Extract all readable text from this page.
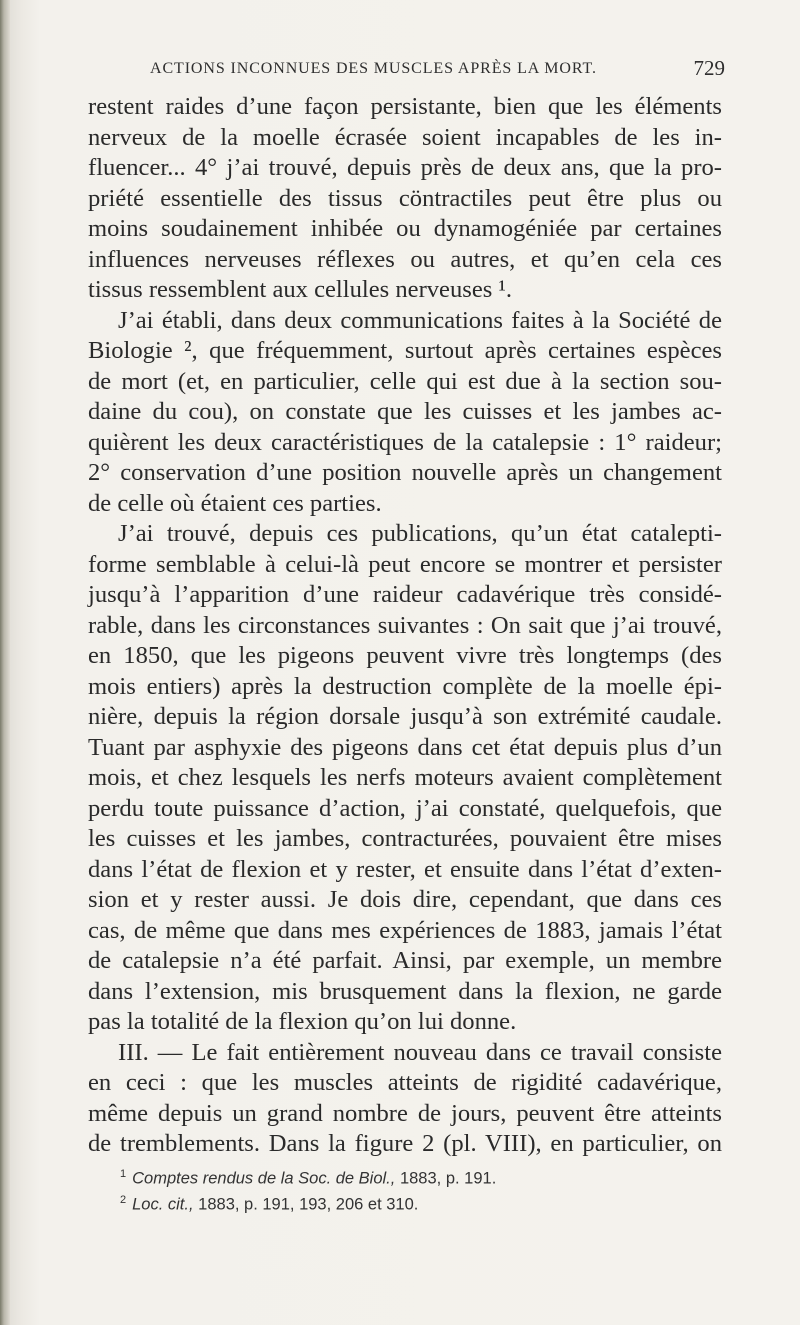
ACTIONS INCONNUES DES MUSCLES APRÈS LA MORT.	729
restent raides d’une façon persistante, bien que les éléments
nerveux de la moelle écrasée soient incapables de les in-
fluencer... 4° j’ai trouvé, depuis près de deux ans, que la pro-
priété essentielle des tissus cöntractiles peut être plus ou
moins soudainement inhibée ou dynamogéniée par certaines
influences nerveuses réflexes ou autres, et qu’en cela ces
tissus ressemblent aux cellules nerveuses ¹.
J’ai établi, dans deux communications faites à la Société de
Biologie ², que fréquemment, surtout après certaines espèces
de mort (et, en particulier, celle qui est due à la section sou-
daine du cou), on constate que les cuisses et les jambes ac-
quièrent les deux caractéristiques de la catalepsie : 1° raideur;
2° conservation d’une position nouvelle après un changement
de celle où étaient ces parties.
J’ai trouvé, depuis ces publications, qu’un état catalepti-
forme semblable à celui-là peut encore se montrer et persister
jusqu’à l’apparition d’une raideur cadavérique très considé-
rable, dans les circonstances suivantes : On sait que j’ai trouvé,
en 1850, que les pigeons peuvent vivre très longtemps (des
mois entiers) après la destruction complète de la moelle épi-
nière, depuis la région dorsale jusqu’à son extrémité caudale.
Tuant par asphyxie des pigeons dans cet état depuis plus d’un
mois, et chez lesquels les nerfs moteurs avaient complètement
perdu toute puissance d’action, j’ai constaté, quelquefois, que
les cuisses et les jambes, contracturées, pouvaient être mises
dans l’état de flexion et y rester, et ensuite dans l’état d’exten-
sion et y rester aussi. Je dois dire, cependant, que dans ces
cas, de même que dans mes expériences de 1883, jamais l’état
de catalepsie n’a été parfait. Ainsi, par exemple, un membre
dans l’extension, mis brusquement dans la flexion, ne garde
pas la totalité de la flexion qu’on lui donne.
III. — Le fait entièrement nouveau dans ce travail consiste
en ceci : que les muscles atteints de rigidité cadavérique,
même depuis un grand nombre de jours, peuvent être atteints
de tremblements. Dans la figure 2 (pl. VIII), en particulier, on
$^1$ Comptes rendus de la Soc. de Biol., 1883, p. 191.
$^2$ Loc. cit., 1883, p. 191, 193, 206 et 310.
